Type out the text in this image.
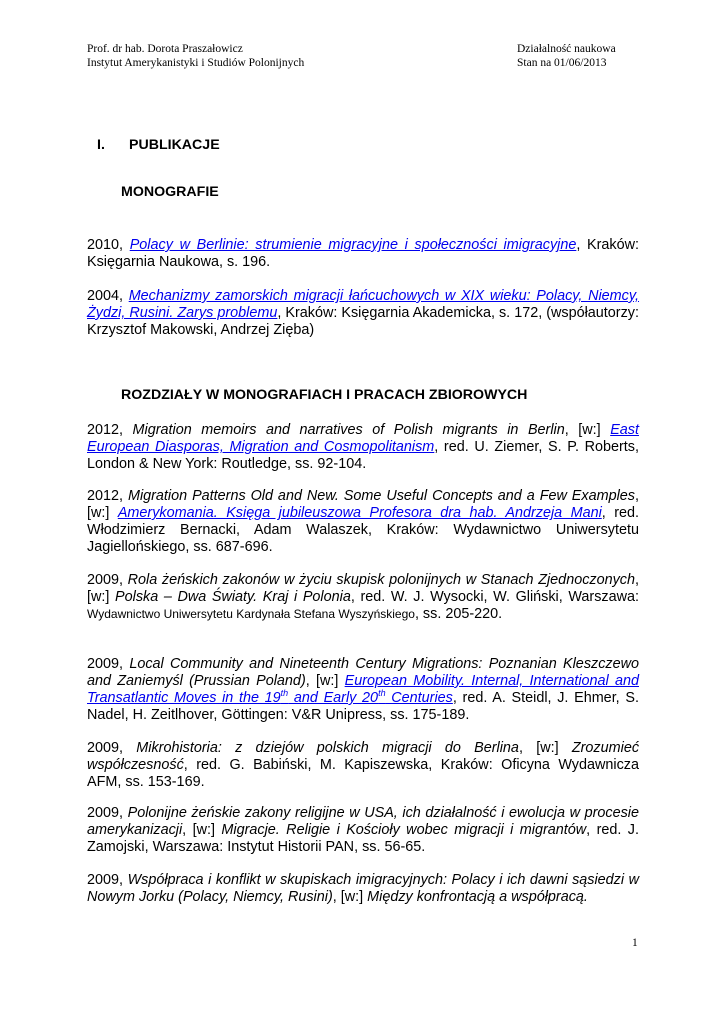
Prof. dr hab. Dorota Praszałowicz
Instytut Amerykanistyki i Studiów Polonijnych
Działalność naukowa
Stan na 01/06/2013
I. PUBLIKACJE
MONOGRAFIE
2010, Polacy w Berlinie: strumienie migracyjne i społeczności imigracyjne, Kraków: Księgarnia Naukowa, s. 196.
2004, Mechanizmy zamorskich migracji łańcuchowych w XIX wieku: Polacy, Niemcy, Żydzi, Rusini. Zarys problemu, Kraków: Księgarnia Akademicka, s. 172, (współautorzy: Krzysztof Makowski, Andrzej Zięba)
ROZDZIAŁY W MONOGRAFIACH I PRACACH ZBIOROWYCH
2012, Migration memoirs and narratives of Polish migrants in Berlin, [w:] East European Diasporas, Migration and Cosmopolitanism, red. U. Ziemer, S. P. Roberts, London & New York: Routledge, ss. 92-104.
2012, Migration Patterns Old and New. Some Useful Concepts and a Few Examples, [w:] Amerykomania. Księga jubileuszowa Profesora dra hab. Andrzeja Mani, red. Włodzimierz Bernacki, Adam Walaszek, Kraków: Wydawnictwo Uniwersytetu Jagiellońskiego, ss. 687-696.
2009, Rola żeńskich zakonów w życiu skupisk polonijnych w Stanach Zjednoczonych, [w:] Polska – Dwa Światy. Kraj i Polonia, red. W. J. Wysocki, W. Gliński, Warszawa: Wydawnictwo Uniwersytetu Kardynała Stefana Wyszyńskiego, ss. 205-220.
2009, Local Community and Nineteenth Century Migrations: Poznanian Kleszczewo and Zaniemyśl (Prussian Poland), [w:] European Mobility. Internal, International and Transatlantic Moves in the 19th and Early 20th Centuries, red. A. Steidl, J. Ehmer, S. Nadel, H. Zeitlhover, Göttingen: V&R Unipress, ss. 175-189.
2009, Mikrohistoria: z dziejów polskich migracji do Berlina, [w:] Zrozumieć współczesność, red. G. Babiński, M. Kapiszewska, Kraków: Oficyna Wydawnicza AFM, ss. 153-169.
2009, Polonijne żeńskie zakony religijne w USA, ich działalność i ewolucja w procesie amerykanizacji, [w:] Migracje. Religie i Kościoły wobec migracji i migrantów, red. J. Zamojski, Warszawa: Instytut Historii PAN, ss. 56-65.
2009, Współpraca i konflikt w skupiskach imigracyjnych: Polacy i ich dawni sąsiedzi w Nowym Jorku (Polacy, Niemcy, Rusini), [w:] Między konfrontacją a współpracą.
1
